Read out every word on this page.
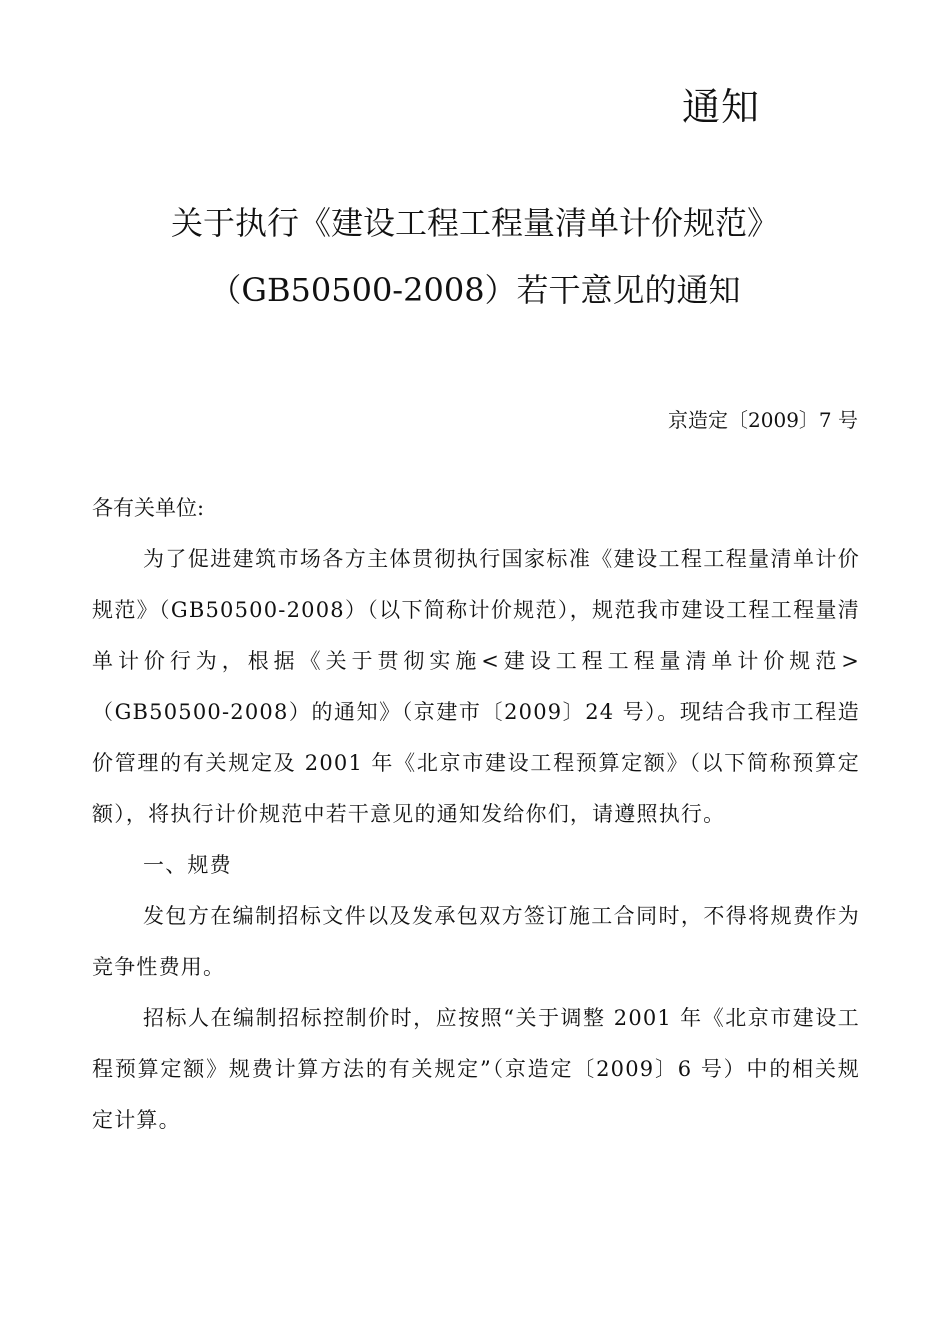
通知
关于执行《建设工程工程量清单计价规范》
（GB50500-2008）若干意见的通知
京造定〔2009〕7 号
各有关单位:

为了促进建筑市场各方主体贯彻执行国家标准《建设工程工程量清单计价规范》（GB50500-2008）（以下简称计价规范），规范我市建设工程工程量清单计价行为，根据《关于贯彻实施<建设工程工程量清单计价规范>（GB50500-2008）的通知》（京建市〔2009〕24 号）。现结合我市工程造价管理的有关规定及 2001 年《北京市建设工程预算定额》（以下简称预算定额），将执行计价规范中若干意见的通知发给你们，请遵照执行。

一、规费

发包方在编制招标文件以及发承包双方签订施工合同时，不得将规费作为竞争性费用。

招标人在编制招标控制价时，应按照“关于调整 2001 年《北京市建设工程预算定额》规费计算方法的有关规定”（京造定〔2009〕6 号）中的相关规定计算。
